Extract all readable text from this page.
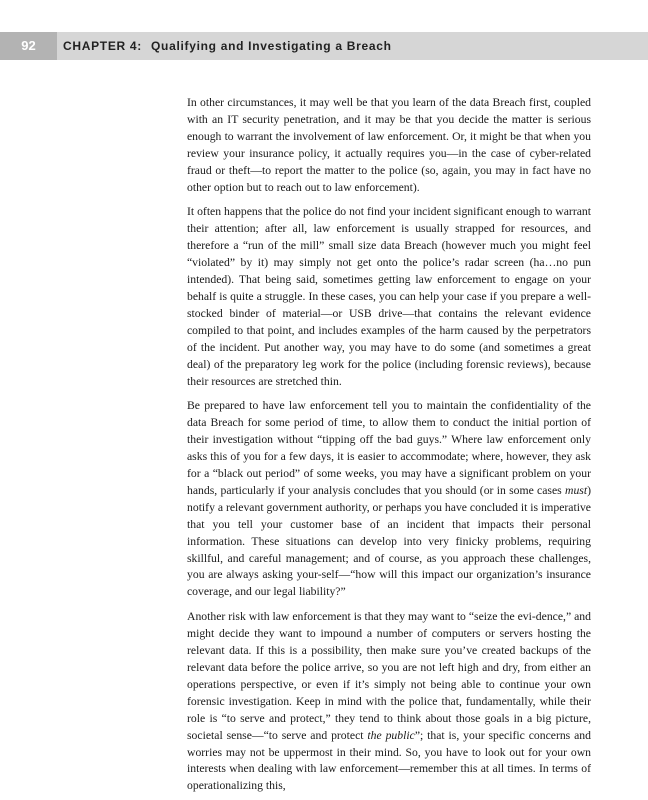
92	CHAPTER 4: Qualifying and Investigating a Breach

In other circumstances, it may well be that you learn of the data Breach first, coupled with an IT security penetration, and it may be that you decide the matter is serious enough to warrant the involvement of law enforcement. Or, it might be that when you review your insurance policy, it actually requires you—in the case of cyber-related fraud or theft—to report the matter to the police (so, again, you may in fact have no other option but to reach out to law enforcement).

It often happens that the police do not find your incident significant enough to warrant their attention; after all, law enforcement is usually strapped for resources, and therefore a “run of the mill” small size data Breach (however much you might feel “violated” by it) may simply not get onto the police’s radar screen (ha…no pun intended). That being said, sometimes getting law enforcement to engage on your behalf is quite a struggle. In these cases, you can help your case if you prepare a well-stocked binder of material—or USB drive—that contains the relevant evidence compiled to that point, and includes examples of the harm caused by the perpetrators of the incident. Put another way, you may have to do some (and sometimes a great deal) of the preparatory leg work for the police (including forensic reviews), because their resources are stretched thin.

Be prepared to have law enforcement tell you to maintain the confidentiality of the data Breach for some period of time, to allow them to conduct the initial portion of their investigation without “tipping off the bad guys.” Where law enforcement only asks this of you for a few days, it is easier to accommodate; where, however, they ask for a “black out period” of some weeks, you may have a significant problem on your hands, particularly if your analysis concludes that you should (or in some cases must) notify a relevant government authority, or perhaps you have concluded it is imperative that you tell your customer base of an incident that impacts their personal information. These situations can develop into very finicky problems, requiring skillful, and careful management; and of course, as you approach these challenges, you are always asking your-self—“how will this impact our organization’s insurance coverage, and our legal liability?”

Another risk with law enforcement is that they may want to “seize the evi-dence,” and might decide they want to impound a number of computers or servers hosting the relevant data. If this is a possibility, then make sure you’ve created backups of the relevant data before the police arrive, so you are not left high and dry, from either an operations perspective, or even if it’s simply not being able to continue your own forensic investigation. Keep in mind with the police that, fundamentally, while their role is “to serve and protect,” they tend to think about those goals in a big picture, societal sense—“to serve and protect the public”; that is, your specific concerns and worries may not be uppermost in their mind. So, you have to look out for your own interests when dealing with law enforcement—remember this at all times. In terms of operationalizing this,
